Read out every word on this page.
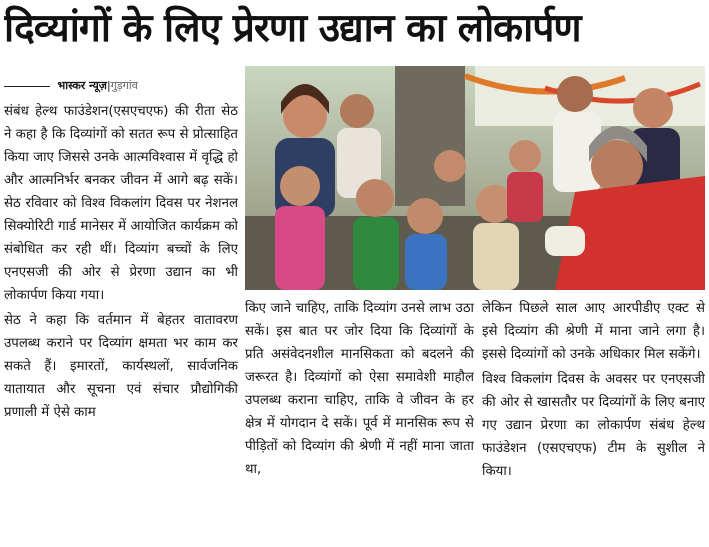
दिव्यांगों के लिए प्रेरणा उद्यान का लोकार्पण
भास्कर न्यूज़|गुड़गांव

संबंध हेल्थ फाउंडेशन(एसएचएफ) की रीता सेठ ने कहा है कि दिव्यांगों को सतत रूप से प्रोत्साहित किया जाए जिससे उनके आत्मविश्वास में वृद्धि हो और आत्मनिर्भर बनकर जीवन में आगे बढ़ सकें। सेठ रविवार को विश्व विकलांग दिवस पर नेशनल सिक्योरिटी गार्ड मानेसर में आयोजित कार्यक्रम को संबोधित कर रही थीं। दिव्यांग बच्चों के लिए एनएसजी की ओर से प्रेरणा उद्यान का भी लोकार्पण किया गया।

सेठ ने कहा कि वर्तमान में बेहतर वातावरण उपलब्ध कराने पर दिव्यांग क्षमता भर काम कर सकते हैं। इमारतों, कार्यस्थलों, सार्वजनिक यातायात और सूचना एवं संचार प्रौद्योगिकी प्रणाली में ऐसे काम

किए जाने चाहिए, ताकि दिव्यांग उनसे लाभ उठा सकें। इस बात पर जोर दिया कि दिव्यांगों के प्रति असंवेदनशील मानसिकता को बदलने की जरूरत है। दिव्यांगों को ऐसा समावेशी माहौल उपलब्ध कराना चाहिए, ताकि वे जीवन के हर क्षेत्र में योगदान दे सकें। पूर्व में मानसिक रूप से पीड़ितों को दिव्यांग की श्रेणी में नहीं माना जाता था,

लेकिन पिछले साल आए आरपीडीए एक्ट से इसे दिव्यांग की श्रेणी में माना जाने लगा है। इससे दिव्यांगों को उनके अधिकार मिल सकेंगे।

विश्व विकलांग दिवस के अवसर पर एनएसजी की ओर से खासतौर पर दिव्यांगों के लिए बनाए गए उद्यान प्रेरणा का लोकार्पण संबंध हेल्थ फाउंडेशन (एसएचएफ) टीम के सुशील ने किया।
